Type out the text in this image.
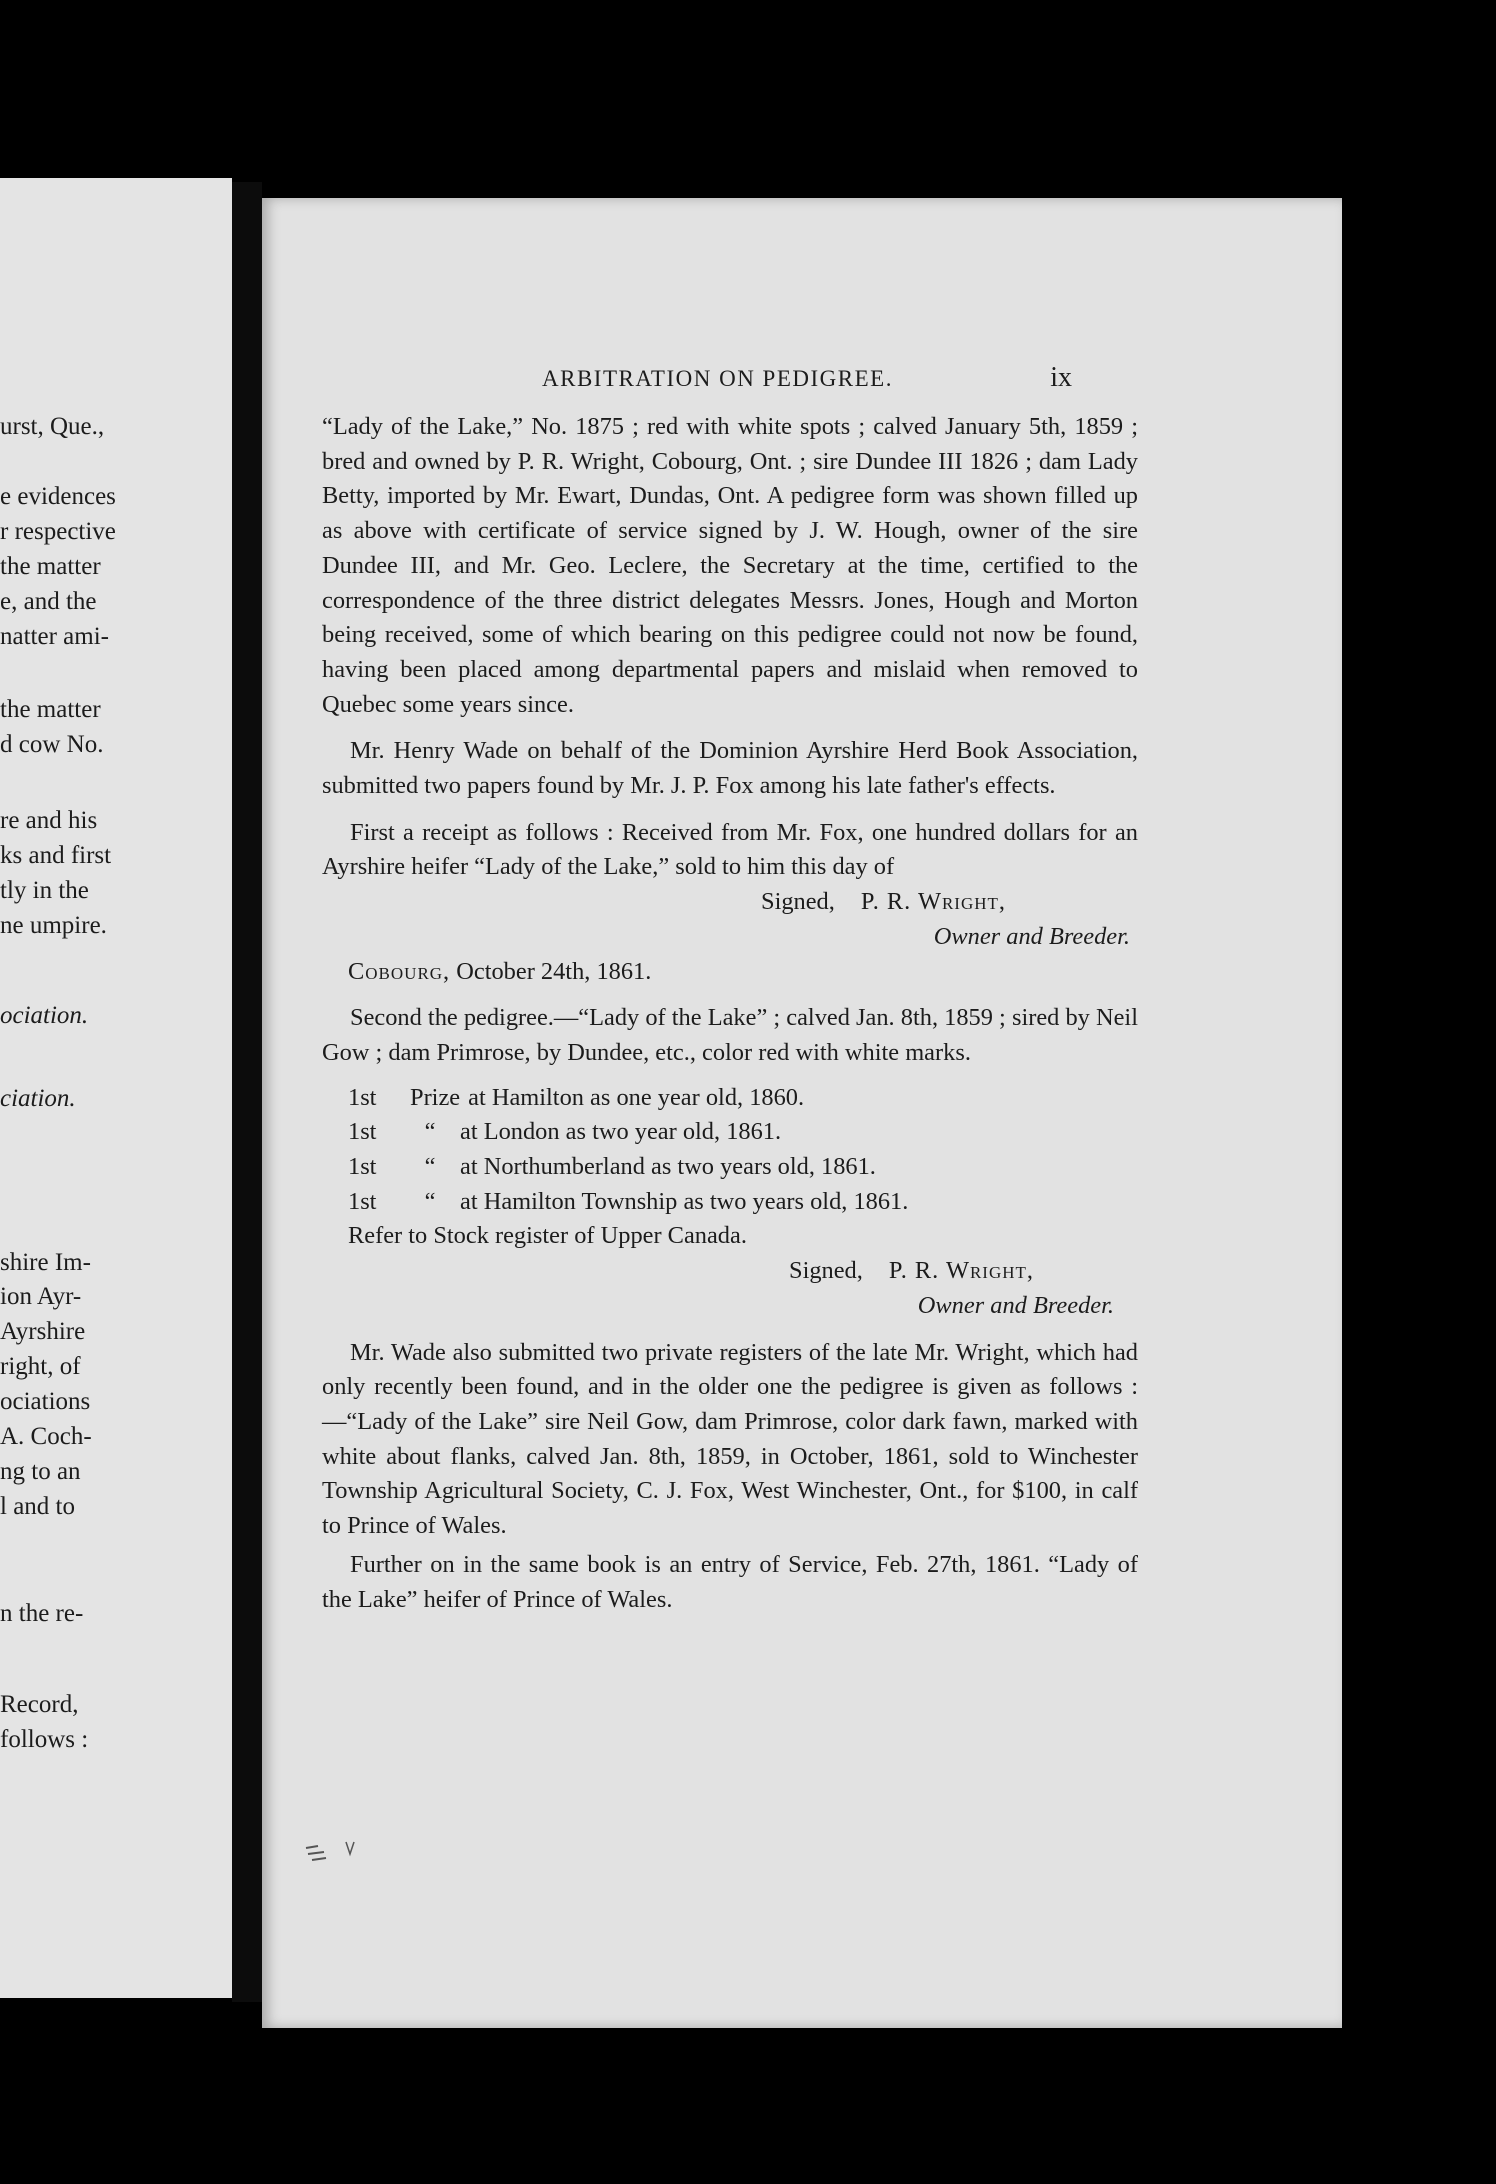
urst, Que.,
e evidences
r respective
the matter
e, and the
natter ami-
the matter
d cow No.
re and his
ks and first
tly in the
ne umpire.
ociation.
ciation.
shire Im-
ion Ayr-
Ayrshire
right, of
ociations
A. Coch-
ng to an
l and to
n the re-
Record,
follows :
ARBITRATION ON PEDIGREE.	ix

“Lady of the Lake,” No. 1875 ; red with white spots ; calved January 5th, 1859 ; bred and owned by P. R. Wright, Cobourg, Ont. ; sire Dundee III 1826 ; dam Lady Betty, imported by Mr. Ewart, Dundas, Ont. A pedigree form was shown filled up as above with certificate of service signed by J. W. Hough, owner of the sire Dundee III, and Mr. Geo. Leclere, the Secretary at the time, certified to the correspondence of the three district delegates Messrs. Jones, Hough and Morton being received, some of which bearing on this pedigree could not now be found, having been placed among departmental papers and mislaid when removed to Quebec some years since.

Mr. Henry Wade on behalf of the Dominion Ayrshire Herd Book Association, submitted two papers found by Mr. J. P. Fox among his late father's effects.

First a receipt as follows : Received from Mr. Fox, one hundred dollars for an Ayrshire heifer “Lady of the Lake,” sold to him this day of

Signed, P. R. Wright,
Owner and Breeder.
Cobourg, October 24th, 1861.

Second the pedigree.—“Lady of the Lake” ; calved Jan. 8th, 1859 ; sired by Neil Gow ; dam Primrose, by Dundee, etc., color red with white marks.

1st	Prize at Hamilton as one year old, 1860.
1st	“	at London as two year old, 1861.
1st	“	at Northumberland as two years old, 1861.
1st	“	at Hamilton Township as two years old, 1861.
Refer to Stock register of Upper Canada.
Signed, P. R. Wright,
Owner and Breeder.

Mr. Wade also submitted two private registers of the late Mr. Wright, which had only recently been found, and in the older one the pedigree is given as follows :—“Lady of the Lake” sire Neil Gow, dam Primrose, color dark fawn, marked with white about flanks, calved Jan. 8th, 1859, in October, 1861, sold to Winchester Township Agricultural Society, C. J. Fox, West Winchester, Ont., for $100, in calf to Prince of Wales.

Further on in the same book is an entry of Service, Feb. 27th, 1861. “Lady of the Lake” heifer of Prince of Wales.
